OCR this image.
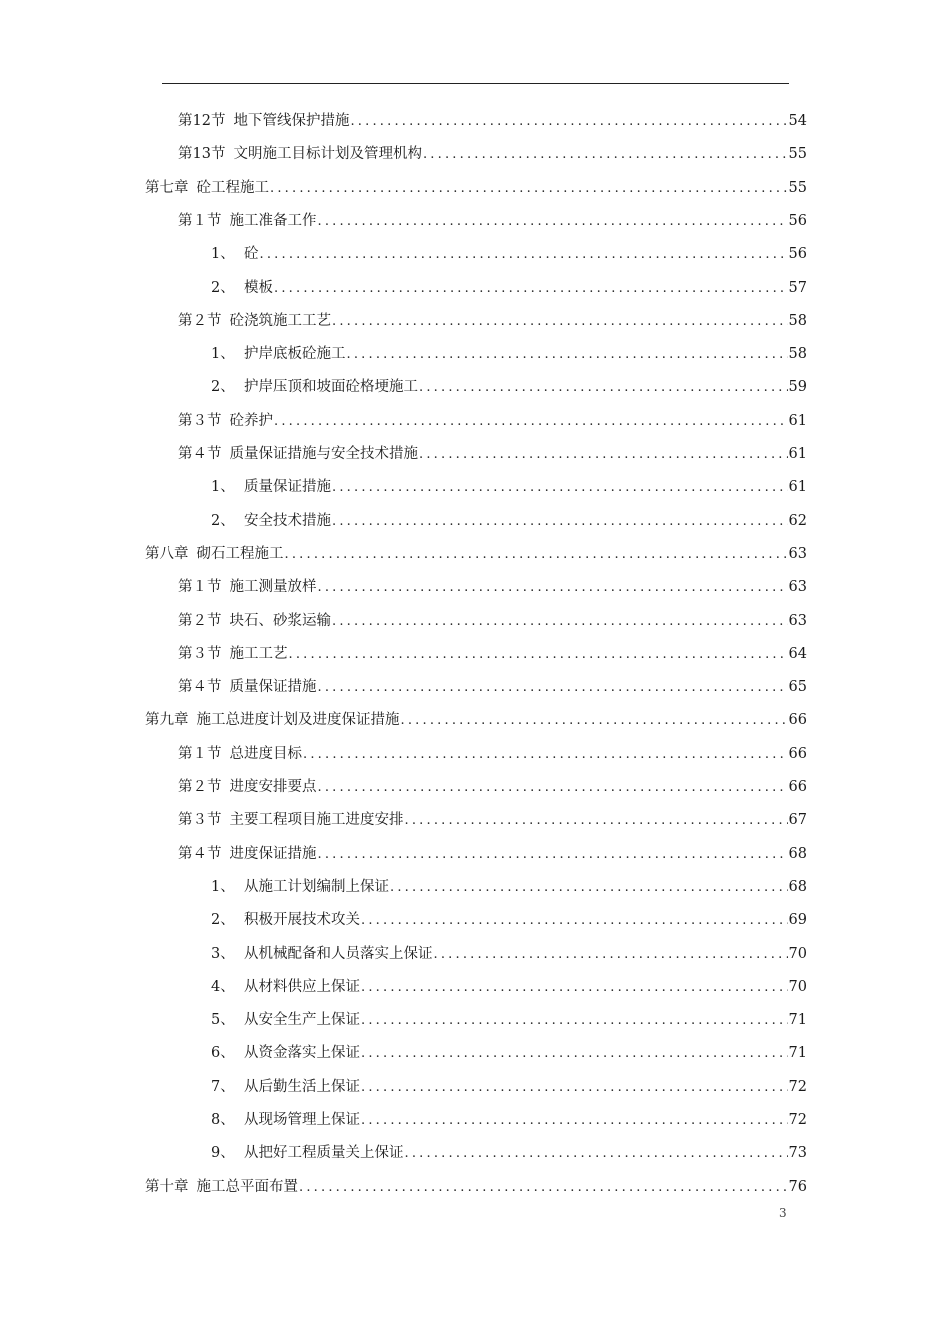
第12节 地下管线保护措施 .....	54
第13节 文明施工目标计划及管理机构 .....	55
第七章 砼工程施工 .....	55
第１节 施工准备工作 .....	56
1、 砼 .....	56
2、 模板 .....	57
第２节 砼浇筑施工工艺 .....	58
1、 护岸底板砼施工 .....	58
2、 护岸压顶和坡面砼格埂施工 .....	59
第３节 砼养护 .....	61
第４节 质量保证措施与安全技术措施 .....	61
1、 质量保证措施 .....	61
2、 安全技术措施 .....	62
第八章 砌石工程施工 .....	63
第１节 施工测量放样 .....	63
第２节 块石、砂浆运输 .....	63
第３节 施工工艺 .....	64
第４节 质量保证措施 .....	65
第九章 施工总进度计划及进度保证措施 .....	66
第１节 总进度目标 .....	66
第２节 进度安排要点 .....	66
第３节 主要工程项目施工进度安排 .....	67
第４节 进度保证措施 .....	68
1、 从施工计划编制上保证 .....	68
2、 积极开展技术攻关 .....	69
3、 从机械配备和人员落实上保证 .....	70
4、 从材料供应上保证 .....	70
5、 从安全生产上保证 .....	71
6、 从资金落实上保证 .....	71
7、 从后勤生活上保证 .....	72
8、 从现场管理上保证 .....	72
9、 从把好工程质量关上保证 .....	73
第十章 施工总平面布置 .....	76
3
